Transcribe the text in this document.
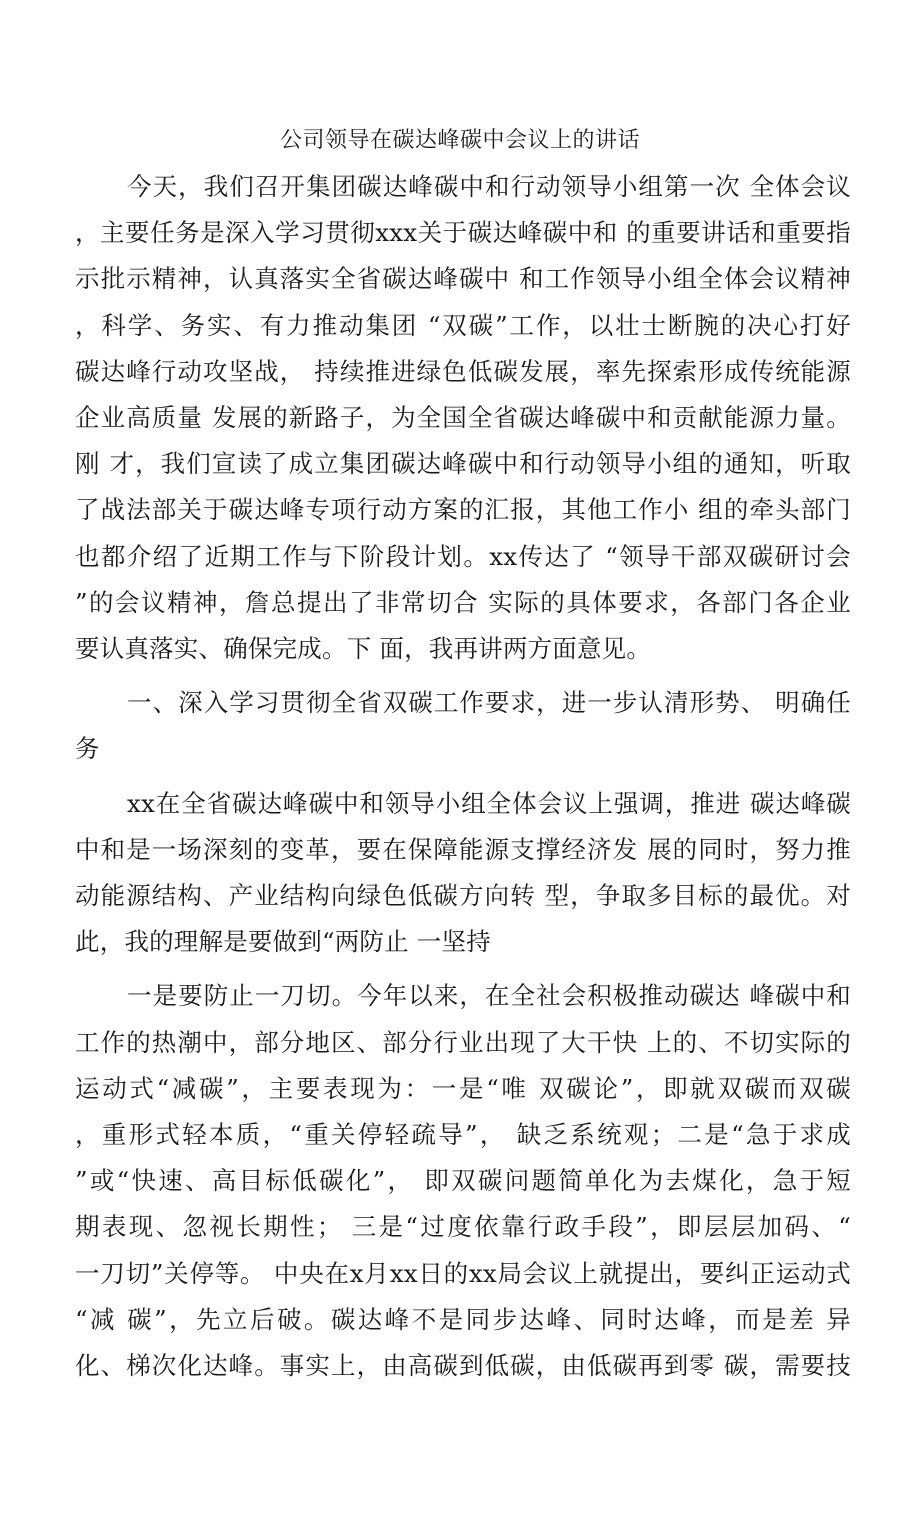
公司领导在碳达峰碳中会议上的讲话
今天，我们召开集团碳达峰碳中和行动领导小组第一次 全体会议
，主要任务是深入学习贯彻xxx关于碳达峰碳中和 的重要讲话和重要指
示批示精神，认真落实全省碳达峰碳中 和工作领导小组全体会议精神
，科学、务实、有力推动集团 “双碳”工作，以壮士断腕的决心打好
碳达峰行动攻坚战， 持续推进绿色低碳发展，率先探索形成传统能源
企业高质量 发展的新路子，为全国全省碳达峰碳中和贡献能源力量。
刚 才，我们宣读了成立集团碳达峰碳中和行动领导小组的通知，听取
了战法部关于碳达峰专项行动方案的汇报，其他工作小 组的牵头部门
也都介绍了近期工作与下阶段计划。xx传达了 “领导干部双碳研讨会
”的会议精神，詹总提出了非常切合 实际的具体要求，各部门各企业
要认真落实、确保完成。下 面，我再讲两方面意见。
一、深入学习贯彻全省双碳工作要求，进一步认清形势、 明确任
务
xx在全省碳达峰碳中和领导小组全体会议上强调，推进 碳达峰碳
中和是一场深刻的变革，要在保障能源支撑经济发 展的同时，努力推
动能源结构、产业结构向绿色低碳方向转 型，争取多目标的最优。对
此，我的理解是要做到“两防止 一坚持
一是要防止一刀切。今年以来，在全社会积极推动碳达 峰碳中和
工作的热潮中，部分地区、部分行业出现了大干快 上的、不切实际的
运动式“减碳”，主要表现为：一是“唯 双碳论”，即就双碳而双碳
，重形式轻本质，“重关停轻疏导”， 缺乏系统观；二是“急于求成
”或“快速、高目标低碳化”， 即双碳问题简单化为去煤化，急于短
期表现、忽视长期性； 三是“过度依靠行政手段”，即层层加码、“
一刀切”关停等。 中央在x月xx日的xx局会议上就提出，要纠正运动式
“减 碳”，先立后破。碳达峰不是同步达峰、同时达峰，而是差 异
化、梯次化达峰。事实上，由高碳到低碳，由低碳再到零 碳，需要技
